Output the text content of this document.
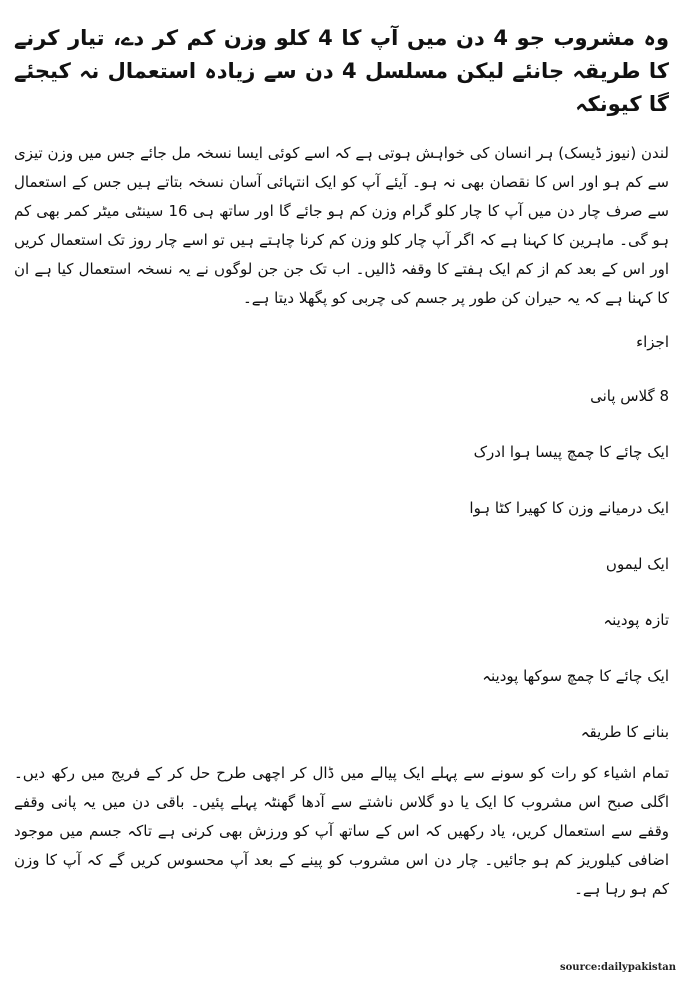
وہ مشروب جو 4 دن میں آپ کا 4 کلو وزن کم کر دے، تیار کرنے کا طریقہ جانئے لیکن مسلسل 4 دن سے زیادہ استعمال نہ کیجئے گا کیونکہ

لندن (نیوز ڈیسک) ہر انسان کی خواہش ہوتی ہے کہ اسے کوئی ایسا نسخہ مل جائے جس میں وزن تیزی سے کم ہو اور اس کا نقصان بھی نہ ہو۔ آیئے آپ کو ایک انتہائی آسان نسخہ بتاتے ہیں جس کے استعمال سے صرف چار دن میں آپ کا چار کلو گرام وزن کم ہو جائے گا اور ساتھ ہی 16 سینٹی میٹر کمر بھی کم ہو گی۔ ماہرین کا کہنا ہے کہ اگر آپ چار کلو وزن کم کرنا چاہتے ہیں تو اسے چار روز تک استعمال کریں اور اس کے بعد کم از کم ایک ہفتے کا وقفہ ڈالیں۔ اب تک جن جن لوگوں نے یہ نسخہ استعمال کیا ہے ان کا کہنا ہے کہ یہ حیران کن طور پر جسم کی چربی کو پگھلا دیتا ہے۔

اجزاء
8 گلاس پانی
ایک چائے کا چمچ پیسا ہوا ادرک
ایک درمیانے وزن کا کھیرا کٹا ہوا
ایک لیموں
تازہ پودینہ
ایک چائے کا چمچ سوکھا پودینہ
بنانے کا طریقہ

تمام اشیاء کو رات کو سونے سے پہلے ایک پیالے میں ڈال کر اچھی طرح حل کر کے فریج میں رکھ دیں۔ اگلی صبح اس مشروب کا ایک یا دو گلاس ناشتے سے آدھا گھنٹہ پہلے پئیں۔ باقی دن میں یہ پانی وقفے وقفے سے استعمال کریں، یاد رکھیں کہ اس کے ساتھ آپ کو ورزش بھی کرنی ہے تاکہ جسم میں موجود اضافی کیلوریز کم ہو جائیں۔ چار دن اس مشروب کو پینے کے بعد آپ محسوس کریں گے کہ آپ کا وزن کم ہو رہا ہے۔

source:dailypakistan
